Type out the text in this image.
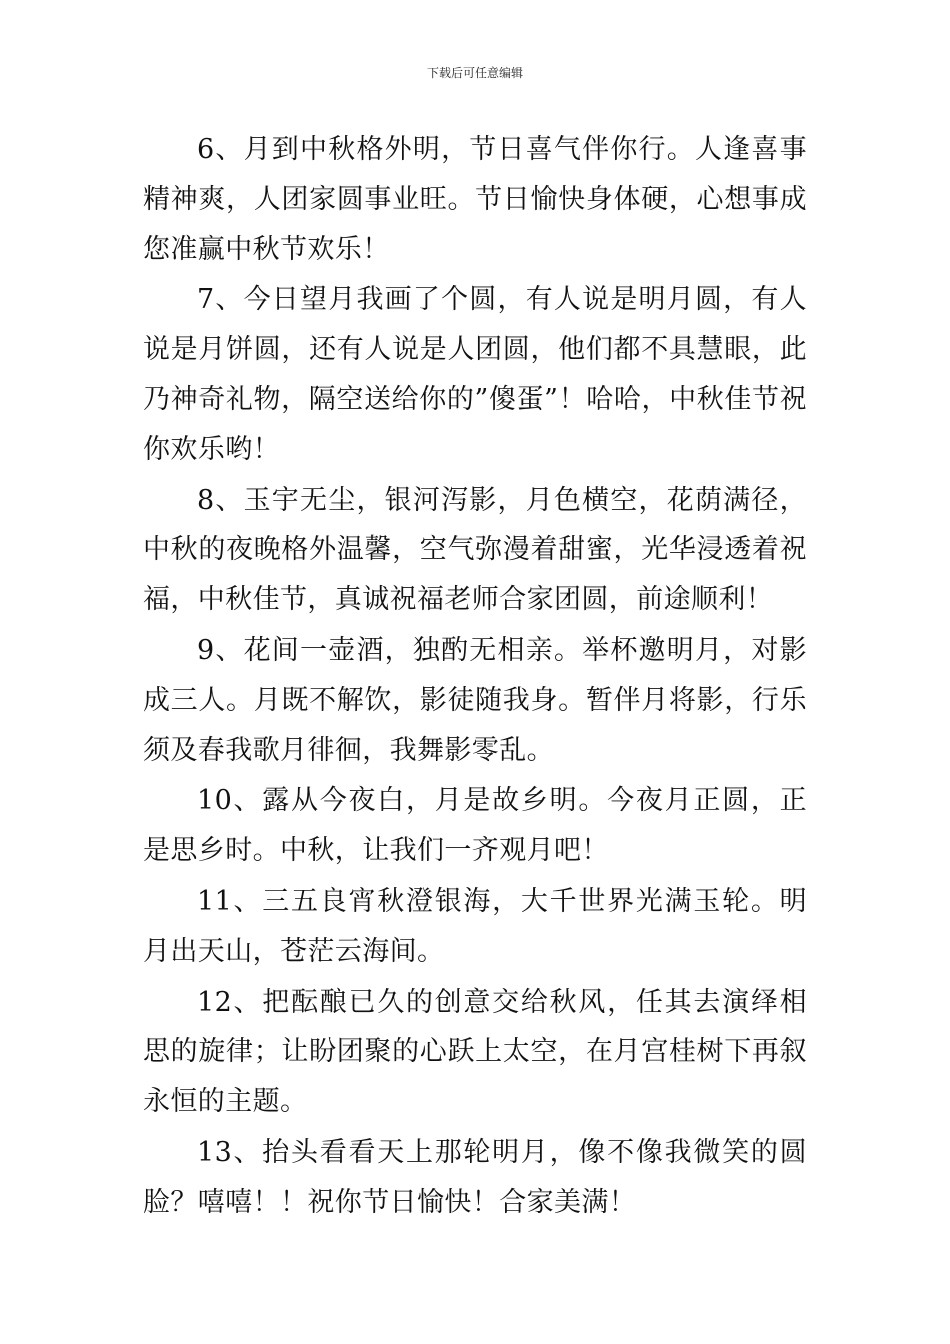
下载后可任意编辑

6、月到中秋格外明，节日喜气伴你行。人逢喜事精神爽，人团家圆事业旺。节日愉快身体硬，心想事成您准赢中秋节欢乐！

7、今日望月我画了个圆，有人说是明月圆，有人说是月饼圆，还有人说是人团圆，他们都不具慧眼，此乃神奇礼物，隔空送给你的”傻蛋”！哈哈，中秋佳节祝你欢乐哟！

8、玉宇无尘，银河泻影，月色横空，花荫满径，中秋的夜晚格外温馨，空气弥漫着甜蜜，光华浸透着祝福，中秋佳节，真诚祝福老师合家团圆，前途顺利！

9、花间一壶酒，独酌无相亲。举杯邀明月，对影成三人。月既不解饮，影徒随我身。暂伴月将影，行乐须及春我歌月徘徊，我舞影零乱。

10、露从今夜白，月是故乡明。今夜月正圆，正是思乡时。中秋，让我们一齐观月吧！

11、三五良宵秋澄银海，大千世界光满玉轮。明月出天山，苍茫云海间。

12、把酝酿已久的创意交给秋风，任其去演绎相思的旋律；让盼团聚的心跃上太空，在月宫桂树下再叙永恒的主题。

13、抬头看看天上那轮明月，像不像我微笑的圆脸？嘻嘻！！祝你节日愉快！合家美满！
